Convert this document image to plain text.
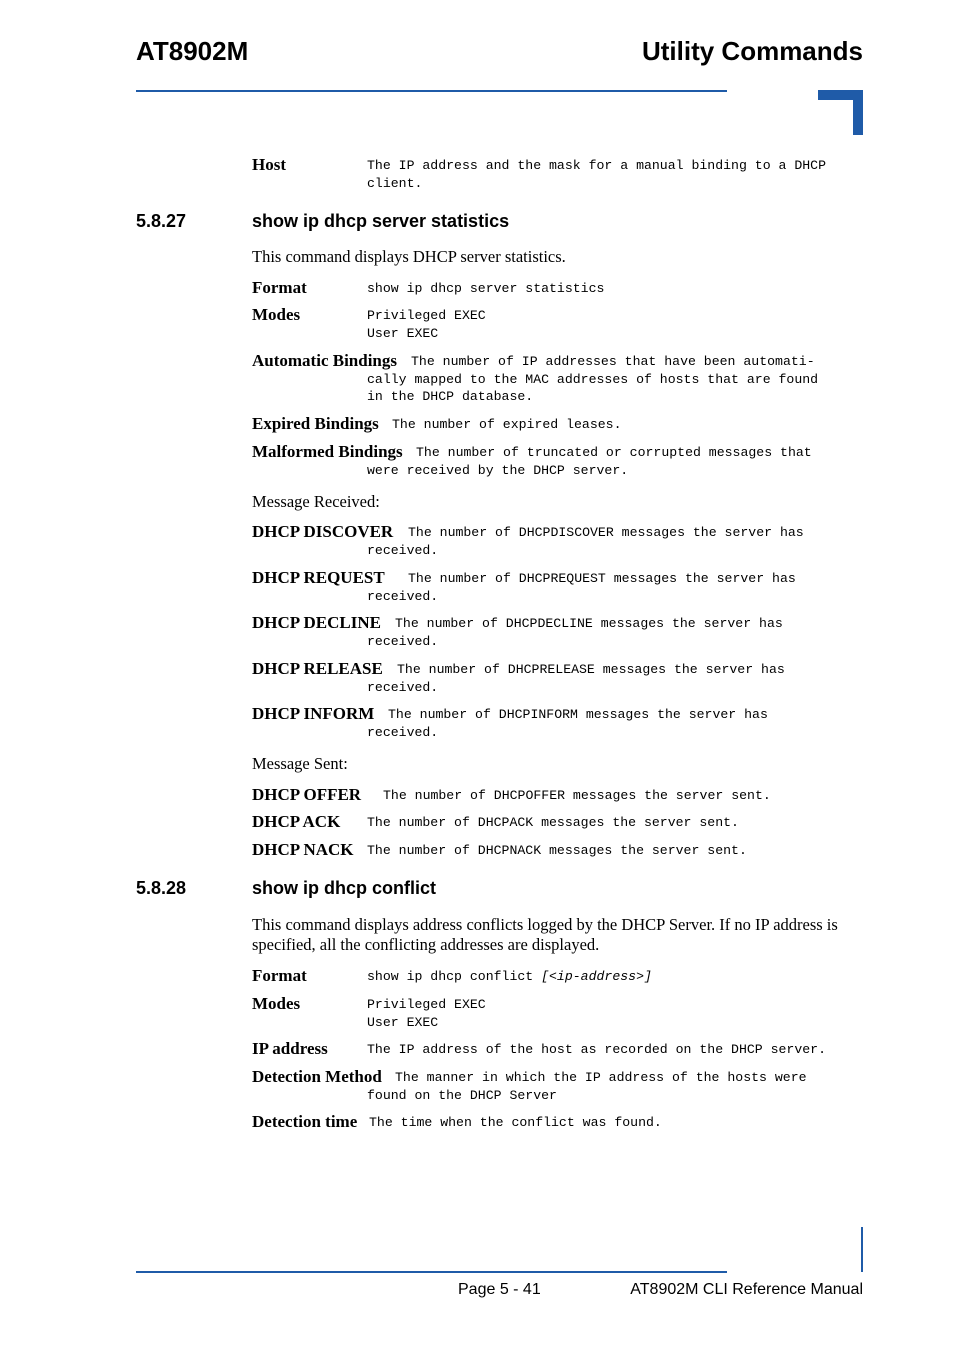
AT8902M	Utility Commands
Page 5 - 41	AT8902M CLI Reference Manual
Host	The IP address and the mask for a manual binding to a DHCP
client.
5.8.27	show ip dhcp server statistics
This command displays DHCP server statistics.
Format	show ip dhcp server statistics
Modes	Privileged EXEC
User EXEC
Automatic Bindings The number of IP addresses that have been automati-
cally mapped to the MAC addresses of hosts that are found
in the DHCP database.
Expired Bindings The number of expired leases.
Malformed Bindings The number of truncated or corrupted messages that
were received by the DHCP server.
Message Received:
DHCP DISCOVER The number of DHCPDISCOVER messages the server has
received.
DHCP REQUEST The number of DHCPREQUEST messages the server has
received.
DHCP DECLINE The number of DHCPDECLINE messages the server has
received.
DHCP RELEASE The number of DHCPRELEASE messages the server has
received.
DHCP INFORM The number of DHCPINFORM messages the server has
received.
Message Sent:
DHCP OFFER The number of DHCPOFFER messages the server sent.
DHCP ACK The number of DHCPACK messages the server sent.
DHCP NACK The number of DHCPNACK messages the server sent.
5.8.28	show ip dhcp conflict
This command displays address conflicts logged by the DHCP Server. If no IP address is specified, all the conflicting addresses are displayed.
Format	show ip dhcp conflict [<ip-address>]
Modes	Privileged EXEC
User EXEC
IP address	The IP address of the host as recorded on the DHCP server.
Detection Method The manner in which the IP address of the hosts were
found on the DHCP Server
Detection time The time when the conflict was found.
